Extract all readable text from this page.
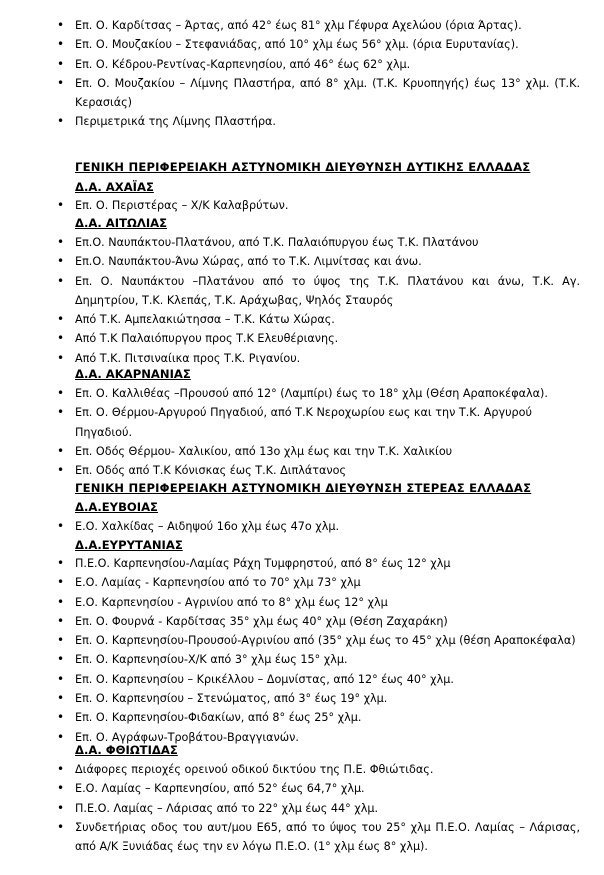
• Επ. Ο. Καρδίτσας – Άρτας, από 42° έως 81° χλμ Γέφυρα Αχελώου (όρια Άρτας).
• Επ. Ο. Μουζακίου – Στεφανιάδας, από 10° χλμ έως 56° χλμ. (όρια Ευρυτανίας).
• Επ. Ο. Κέδρου-Ρεντίνας-Καρπενησίου, από 46° έως 62° χλμ.
• Επ. Ο. Μουζακίου – Λίμνης Πλαστήρα, από 8° χλμ. (Τ.Κ. Κρυοπηγής) έως 13° χλμ. (Τ.Κ. Κερασιάς)
• Περιμετρικά της Λίμνης Πλαστήρα.
ΓΕΝΙΚΗ ΠΕΡΙΦΕΡΕΙΑΚΗ ΑΣΤΥΝΟΜΙΚΗ ΔΙΕΥΘΥΝΣΗ ΔΥΤΙΚΗΣ ΕΛΛΑΔΑΣ
Δ.Α. ΑΧΑΪΑΣ
• Επ. Ο. Περιστέρας – Χ/Κ Καλαβρύτων.
Δ.Α. ΑΙΤΩΛΙΑΣ
• Επ.Ο. Ναυπάκτου-Πλατάνου, από Τ.Κ. Παλαιόπυργου έως Τ.Κ. Πλατάνου
• Επ.Ο. Ναυπάκτου-Άνω Χώρας, από το Τ.Κ. Λιμνίτσας και άνω.
• Επ. Ο. Ναυπάκτου –Πλατάνου από το ύψος της Τ.Κ. Πλατάνου και άνω, Τ.Κ. Αγ. Δημητρίου, Τ.Κ. Κλεπάς, Τ.Κ. Αράχωβας, Ψηλός Σταυρός
• Από Τ.Κ. Αμπελακιώτησσα – Τ.Κ. Κάτω Χώρας.
• Από Τ.Κ Παλαιόπυργου προς Τ.Κ Ελευθέριανης.
• Από Τ.Κ. Πιτσιναίικα προς Τ.Κ. Ριγανίου.
Δ.Α. ΑΚΑΡΝΑΝΙΑΣ
• Επ. Ο. Καλλιθέας –Προυσού από 12° (Λαμπίρι) έως το 18° χλμ (Θέση Αραποκέφαλα).
• Επ. Ο. Θέρμου-Αργυρού Πηγαδιού, από Τ.Κ Νεροχωρίου εως και την Τ.Κ. Αργυρού Πηγαδιού.
• Επ. Οδός Θέρμου- Χαλικίου, από 13ο χλμ έως και την Τ.Κ. Χαλικίου
• Επ. Οδός από Τ.Κ Κόνισκας έως Τ.Κ. Διπλάτανος
ΓΕΝΙΚΗ ΠΕΡΙΦΕΡΕΙΑΚΗ ΑΣΤΥΝΟΜΙΚΗ ΔΙΕΥΘΥΝΣΗ ΣΤΕΡΕΑΣ ΕΛΛΑΔΑΣ
Δ.Α.ΕΥΒΟΙΑΣ
• Ε.Ο. Χαλκίδας – Αιδηψού 16ο χλμ έως 47ο χλμ.
Δ.Α.ΕΥΡΥΤΑΝΙΑΣ
• Π.Ε.Ο. Καρπενησίου-Λαμίας Ράχη Τυμφρηστού, από 8° έως 12° χλμ
• Ε.Ο. Λαμίας - Καρπενησίου από το 70° χλμ 73° χλμ
• Ε.Ο. Καρπενησίου - Αγρινίου από το 8° χλμ έως 12° χλμ
• Επ. Ο. Φουρνά - Καρδίτσας 35° χλμ έως 40° χλμ (Θέση Ζαχαράκη)
• Επ. Ο. Καρπενησίου-Προυσού-Αγρινίου από (35° χλμ έως το 45° χλμ (θέση Αραποκέφαλα)
• Επ. Ο. Καρπενησίου-Χ/Κ από 3° χλμ έως 15° χλμ.
• Επ. Ο. Καρπενησίου – Κρικέλλου – Δομνίστας, από 12° έως 40° χλμ.
• Επ. Ο. Καρπενησίου – Στενώματος, από 3° έως 19° χλμ.
• Επ. Ο. Καρπενησίου-Φιδακίων, από 8° έως 25° χλμ.
• Επ. Ο. Αγράφων-Τροβάτου-Βραγγιανών.
Δ.Α. ΦΘΙΩΤΙΔΑΣ
• Διάφορες περιοχές ορεινού οδικού δικτύου της Π.Ε. Φθιώτιδας.
• Ε.Ο. Λαμίας – Καρπενησίου, από 52° έως 64,7° χλμ.
• Π.Ε.Ο. Λαμίας – Λάρισας από το 22° χλμ έως 44° χλμ.
• Συνδετήριας οδος του αυτ/μου Ε65, από το ύψος του 25° χλμ Π.Ε.Ο. Λαμίας – Λάρισας, από Α/Κ Ξυνιάδας έως την εν λόγω Π.Ε.Ο. (1° χλμ έως 8° χλμ).
